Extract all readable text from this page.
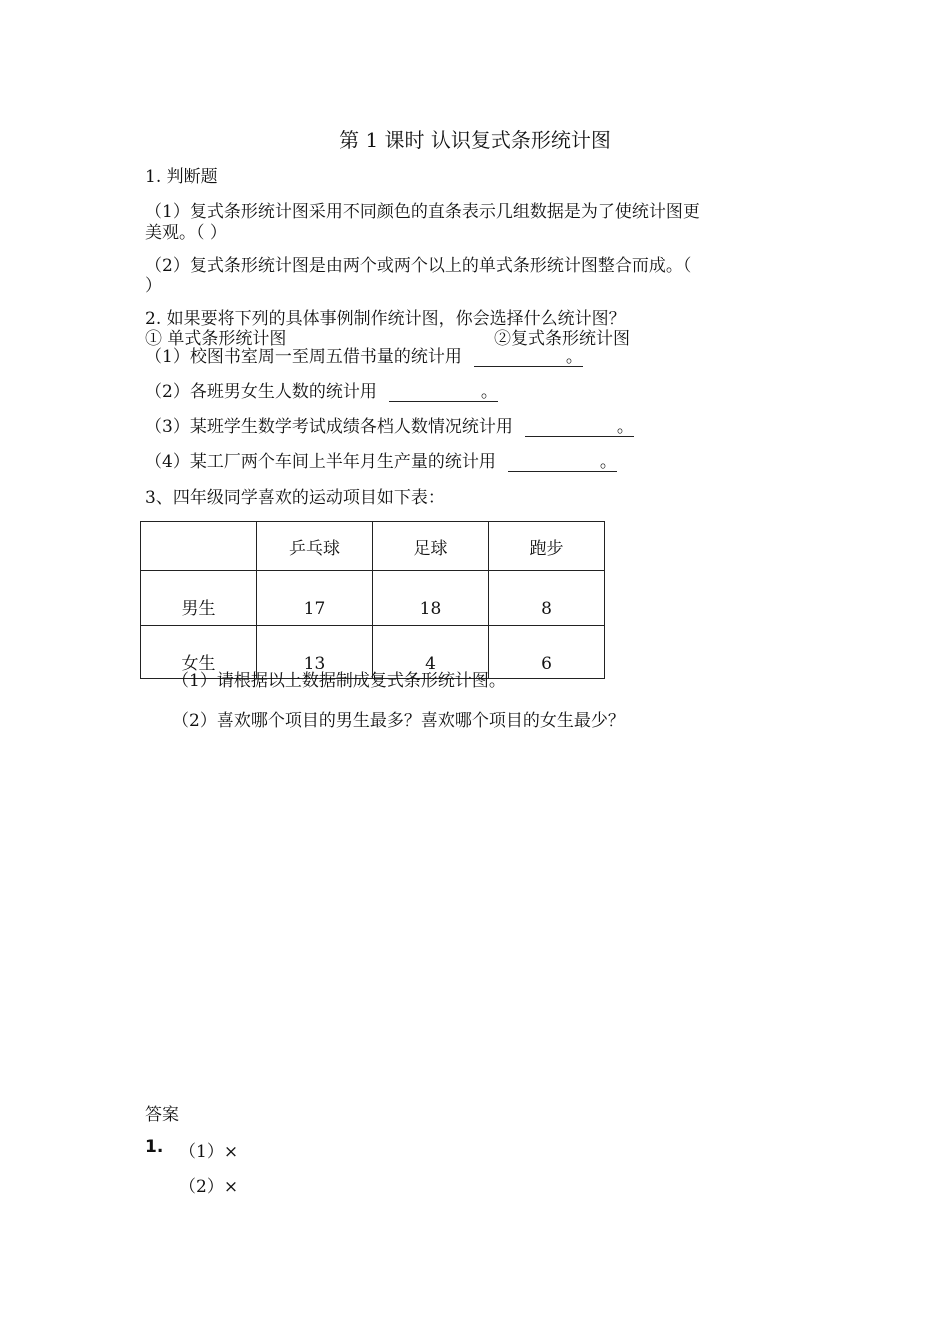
第 1 课时 认识复式条形统计图
1. 判断题
（1）复式条形统计图采用不同颜色的直条表示几组数据是为了使统计图更
美观。（ ）
（2）复式条形统计图是由两个或两个以上的单式条形统计图整合而成。（
）
2. 如果要将下列的具体事例制作统计图，你会选择什么统计图？
① 单式条形统计图	②复式条形统计图
（1）校图书室周一至周五借书量的统计用	。
（2）各班男女生人数的统计用	。
（3）某班学生数学考试成绩各档人数情况统计用	。
（4）某工厂两个车间上半年月生产量的统计用	。
3、四年级同学喜欢的运动项目如下表：
	乒乓球	足球	跑步
男生	17	18	8
女生	13	4	6
（1）请根据以上数据制成复式条形统计图。
（2）喜欢哪个项目的男生最多？喜欢哪个项目的女生最少？
答案
1. （1）×
（2）×
